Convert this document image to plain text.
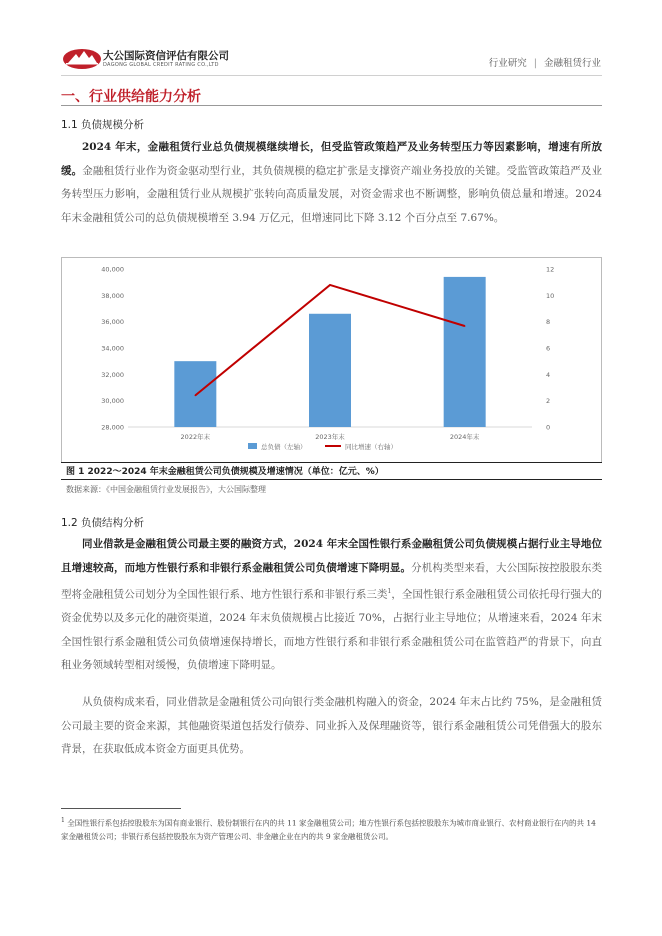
大公国际资信评估有限公司
DAGONG GLOBAL CREDIT RATING CO.,LTD	行业研究 | 金融租赁行业
一、行业供给能力分析
1.1 负债规模分析
2024 年末，金融租赁行业总负债规模继续增长，但受监管政策趋严及业务转型压力等因素影响，增速有所放缓。金融租赁行业作为资金驱动型行业，其负债规模的稳定扩张是支撑资产端业务投放的关键。受监管政策趋严及业务转型压力影响，金融租赁行业从规模扩张转向高质量发展，对资金需求也不断调整，影响负债总量和增速。2024 年末金融租赁公司的总负债规模增至 3.94 万亿元，但增速同比下降 3.12 个百分点至 7.67%。
28,000
30,000
32,000
34,000
36,000
38,000
40,000
0
2
4
6
8
10
12
2022年末	2023年末	2024年末
总负债（左轴）	同比增速（右轴）
图 1 2022～2024 年末金融租赁公司负债规模及增速情况（单位：亿元、%）
数据来源：《中国金融租赁行业发展报告》，大公国际整理
1.2 负债结构分析
同业借款是金融租赁公司最主要的融资方式，2024 年末全国性银行系金融租赁公司负债规模占据行业主导地位且增速较高，而地方性银行系和非银行系金融租赁公司负债增速下降明显。分机构类型来看，大公国际按控股股东类型将金融租赁公司划分为全国性银行系、地方性银行系和非银行系三类$^1$，全国性银行系金融租赁公司依托母行强大的资金优势以及多元化的融资渠道，2024 年末负债规模占比接近 70%，占据行业主导地位；从增速来看，2024 年末全国性银行系金融租赁公司负债增速保持增长，而地方性银行系和非银行系金融租赁公司在监管趋严的背景下，向直租业务领域转型相对缓慢，负债增速下降明显。
从负债构成来看，同业借款是金融租赁公司向银行类金融机构融入的资金，2024 年末占比约 75%，是金融租赁公司最主要的资金来源，其他融资渠道包括发行债券、同业拆入及保理融资等，银行系金融租赁公司凭借强大的股东背景，在获取低成本资金方面更具优势。
$^1$ 全国性银行系包括控股股东为国有商业银行、股份制银行在内的共 11 家金融租赁公司；地方性银行系包括控股股东为城市商业银行、农村商业银行在内的共 14 家金融租赁公司；非银行系包括控股股东为资产管理公司、非金融企业在内的共 9 家金融租赁公司。
